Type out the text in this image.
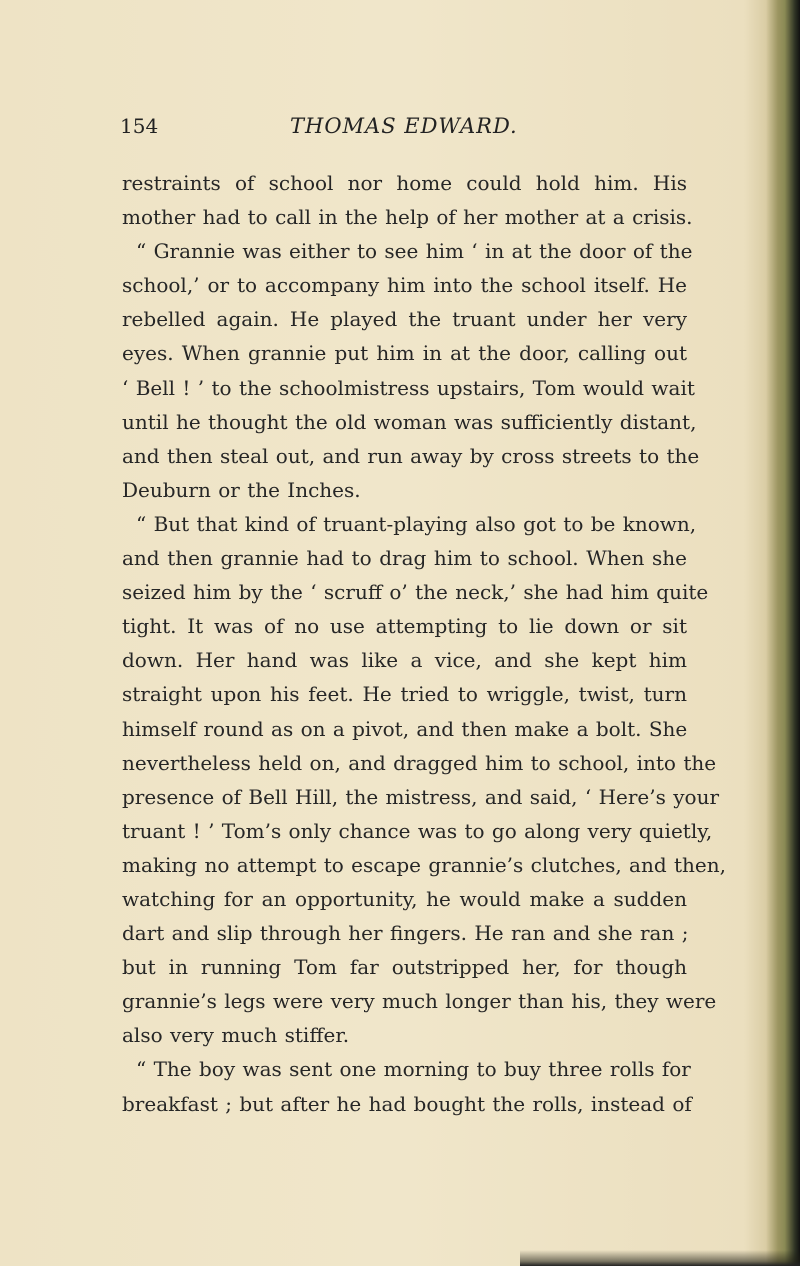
154	THOMAS EDWARD.
restraints of school nor home could hold him. His
mother had to call in the help of her mother at a crisis.
“ Grannie was either to see him ‘ in at the door of the
school,’ or to accompany him into the school itself. He
rebelled again. He played the truant under her very
eyes. When grannie put him in at the door, calling out
‘ Bell ! ’ to the schoolmistress upstairs, Tom would wait
until he thought the old woman was sufficiently distant,
and then steal out, and run away by cross streets to the
Deuburn or the Inches.
“ But that kind of truant-playing also got to be known,
and then grannie had to drag him to school. When she
seized him by the ‘ scruff o’ the neck,’ she had him quite
tight. It was of no use attempting to lie down or sit
down. Her hand was like a vice, and she kept him
straight upon his feet. He tried to wriggle, twist, turn
himself round as on a pivot, and then make a bolt. She
nevertheless held on, and dragged him to school, into the
presence of Bell Hill, the mistress, and said, ‘ Here’s your
truant ! ’ Tom’s only chance was to go along very quietly,
making no attempt to escape grannie’s clutches, and then,
watching for an opportunity, he would make a sudden
dart and slip through her fingers. He ran and she ran ;
but in running Tom far outstripped her, for though
grannie’s legs were very much longer than his, they were
also very much stiffer.
“ The boy was sent one morning to buy three rolls for
breakfast ; but after he had bought the rolls, instead of
